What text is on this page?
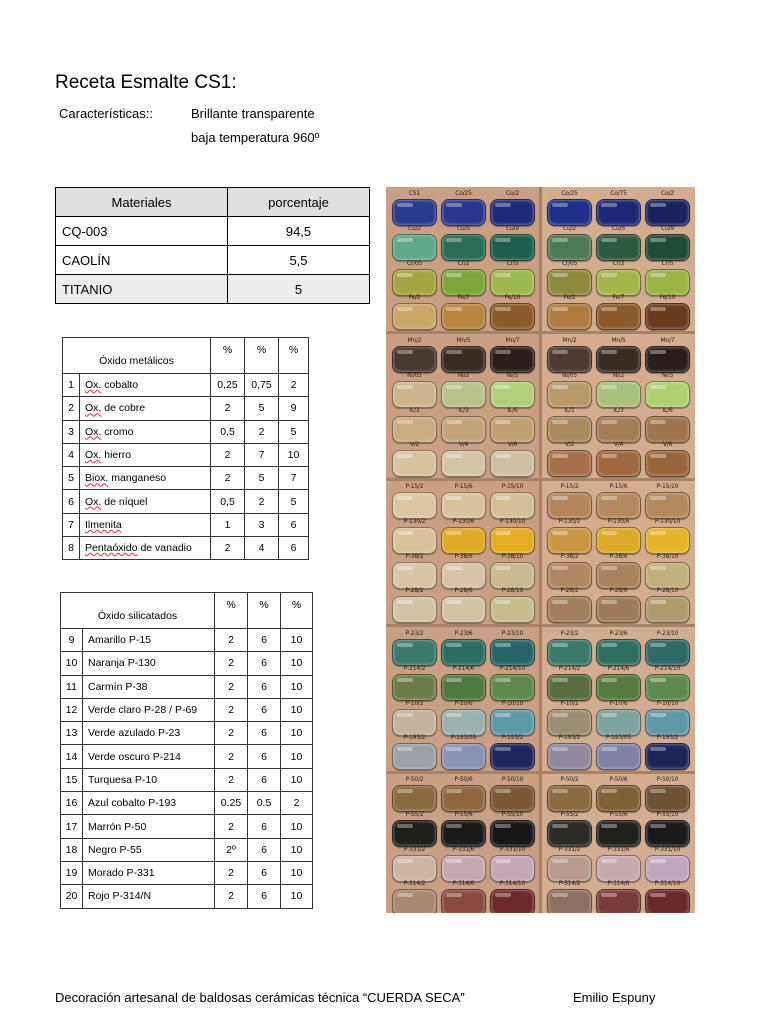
Receta Esmalte CS1:
Características::	Brillante transparente
baja temperatura 960º
Materiales	porcentaje
CQ-003	94,5
CAOLÍN	5,5
TITANIO	5
Óxido metálicos		%	%	%
1	Ox. cobalto	0,25	0,75	2
2	Ox. de cobre	2	5	9
3	Ox. cromo	0,5	2	5
4	Ox. hierro	2	7	10
5	Biox. manganeso	2	5	7
6	Ox. de níquel	0,5	2	5
7	Ilmenita	1	3	6
8	Pentaóxido de vanadio	2	4	6
Óxido silicatados		%	%	%
9	Amarillo P-15	2	6	10
10	Naranja P-130	2	6	10
11	Carmín P-38	2	6	10
12	Verde claro P-28 / P-69	2	6	10
13	Verde azulado P-23	2	6	10
14	Verde oscuro P-214	2	6	10
15	Turquesa P-10	2	6	10
16	Azul cobalto P-193	0.25	0.5	2
17	Marrón P-50	2	6	10
18	Negro P-55	2º	6	10
19	Morado P-331	2	6	10
20	Rojo P-314/N	2	6	10
CS1	Co/25	Co/2	Co/25	Co/75	Co/2
Cu/2	Cu/5	Cu/9	Cu/2	Cu/5	Cu/9
Cr/05	Cr/2	Cr/5	Cr/05	Cr/2	Cr/5
Fe/2	Fe/7	Fe/10	Fe/2	Fe/7	Fe/10
Mn/2	Mn/5	Mn/7	Mn/2	Mn/5	Mn/7
Ni/05	Ni/2	Ni/5	Ni/05	Ni/2	Ni/5
IL/1	IL/3	IL/6	IL/1	IL/3	IL/6
V/2	V/4	V/6	V/2	V/4	V/6
P-15/2	P-15/6	P-15/10	P-15/2	P-15/6	P-15/10
P-130/2	P-130/6	P-130/10	P-130/2	P-130/6	P-130/10
P-38/2	P-38/6	P-38/10	P-38/2	P-38/6	P-38/10
P-28/2	P-28/6	P-28/10	P-28/2	P-28/6	P-28/10
P-23/2	P-23/6	P-23/10	P-23/2	P-23/6	P-23/10
P-214/2	P-214/6	P-214/10	P-214/2	P-214/6	P-214/10
P-10/2	P-10/6	P-10/10	P-10/2	P-10/6	P-10/10
P-193/2	P-193/05	P-193/2	P-193/2	P-193/05	P-193/2
P-50/2	P-50/6	P-50/10	P-50/2	P-50/6	P-50/10
P-55/2	P-55/6	P-55/10	P-55/2	P-55/6	P-55/10
P-331/2	P-331/6	P-331/10	P-331/2	P-331/6	P-331/10
P-314/2	P-314/6	P-314/10	P-314/2	P-314/6	P-314/10
Decoración artesanal de baldosas cerámicas técnica “CUERDA SECA”	Emilio Espuny
